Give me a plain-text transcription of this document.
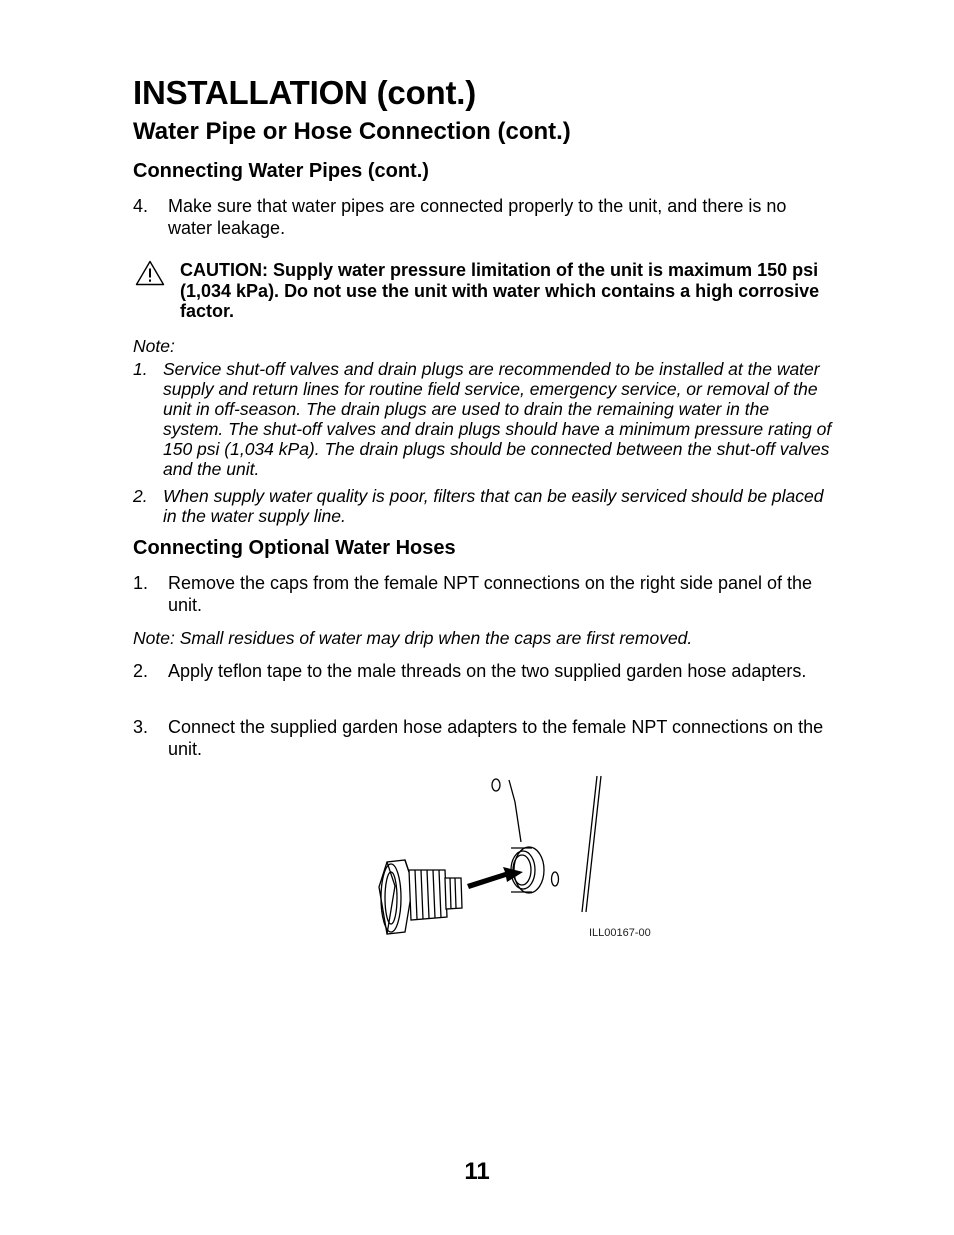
INSTALLATION (cont.)
Water Pipe or Hose Connection (cont.)
Connecting Water Pipes (cont.)
4. Make sure that water pipes are connected properly to the unit, and there is no water leakage.
CAUTION: Supply water pressure limitation of the unit is maximum 150 psi (1,034 kPa). Do not use the unit with water which contains a high corrosive factor.
Note:
1. Service shut-off valves and drain plugs are recommended to be installed at the water supply and return lines for routine field service, emergency service, or removal of the unit in off-season. The drain plugs are used to drain the remaining water in the system. The shut-off valves and drain plugs should have a minimum pressure rating of 150 psi (1,034 kPa). The drain plugs should be connected between the shut-off valves and the unit.
2. When supply water quality is poor, filters that can be easily serviced should be placed in the water supply line.
Connecting Optional Water Hoses
1. Remove the caps from the female NPT connections on the right side panel of the unit.
Note: Small residues of water may drip when the caps are first removed.
2. Apply teflon tape to the male threads on the two supplied garden hose adapters.
3. Connect the supplied garden hose adapters to the female NPT connections on the unit.
ILL00167-00
11
